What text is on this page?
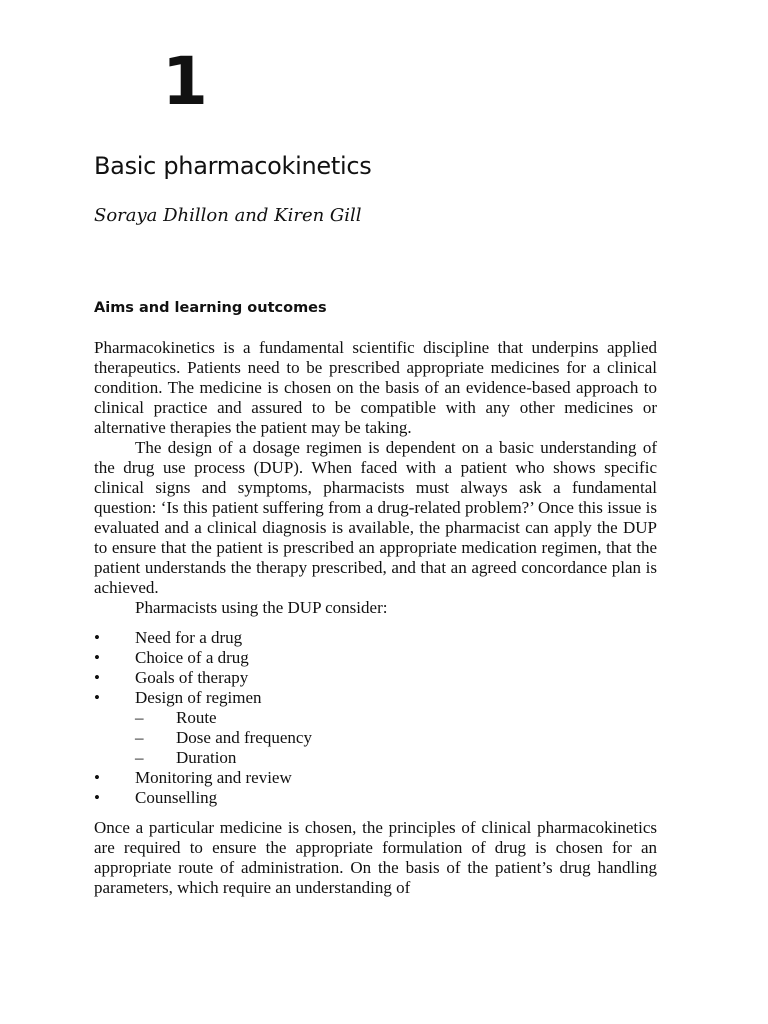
1
Basic pharmacokinetics

Soraya Dhillon and Kiren Gill

Aims and learning outcomes

Pharmacokinetics is a fundamental scientific discipline that underpins applied therapeutics. Patients need to be prescribed appropriate medicines for a clinical condition. The medicine is chosen on the basis of an evidence-based approach to clinical practice and assured to be compatible with any other medicines or alternative therapies the patient may be taking.

The design of a dosage regimen is dependent on a basic understanding of the drug use process (DUP). When faced with a patient who shows specific clinical signs and symptoms, pharmacists must always ask a fundamental question: ‘Is this patient suffering from a drug-related problem?’ Once this issue is evaluated and a clinical diagnosis is available, the pharmacist can apply the DUP to ensure that the patient is prescribed an appropriate medication regimen, that the patient understands the therapy prescribed, and that an agreed concordance plan is achieved.

Pharmacists using the DUP consider:

•	Need for a drug
•	Choice of a drug
•	Goals of therapy
•	Design of regimen
– Route
– Dose and frequency
– Duration
•	Monitoring and review
•	Counselling

Once a particular medicine is chosen, the principles of clinical pharmacokinetics are required to ensure the appropriate formulation of drug is chosen for an appropriate route of administration. On the basis of the patient’s drug handling parameters, which require an understanding of
